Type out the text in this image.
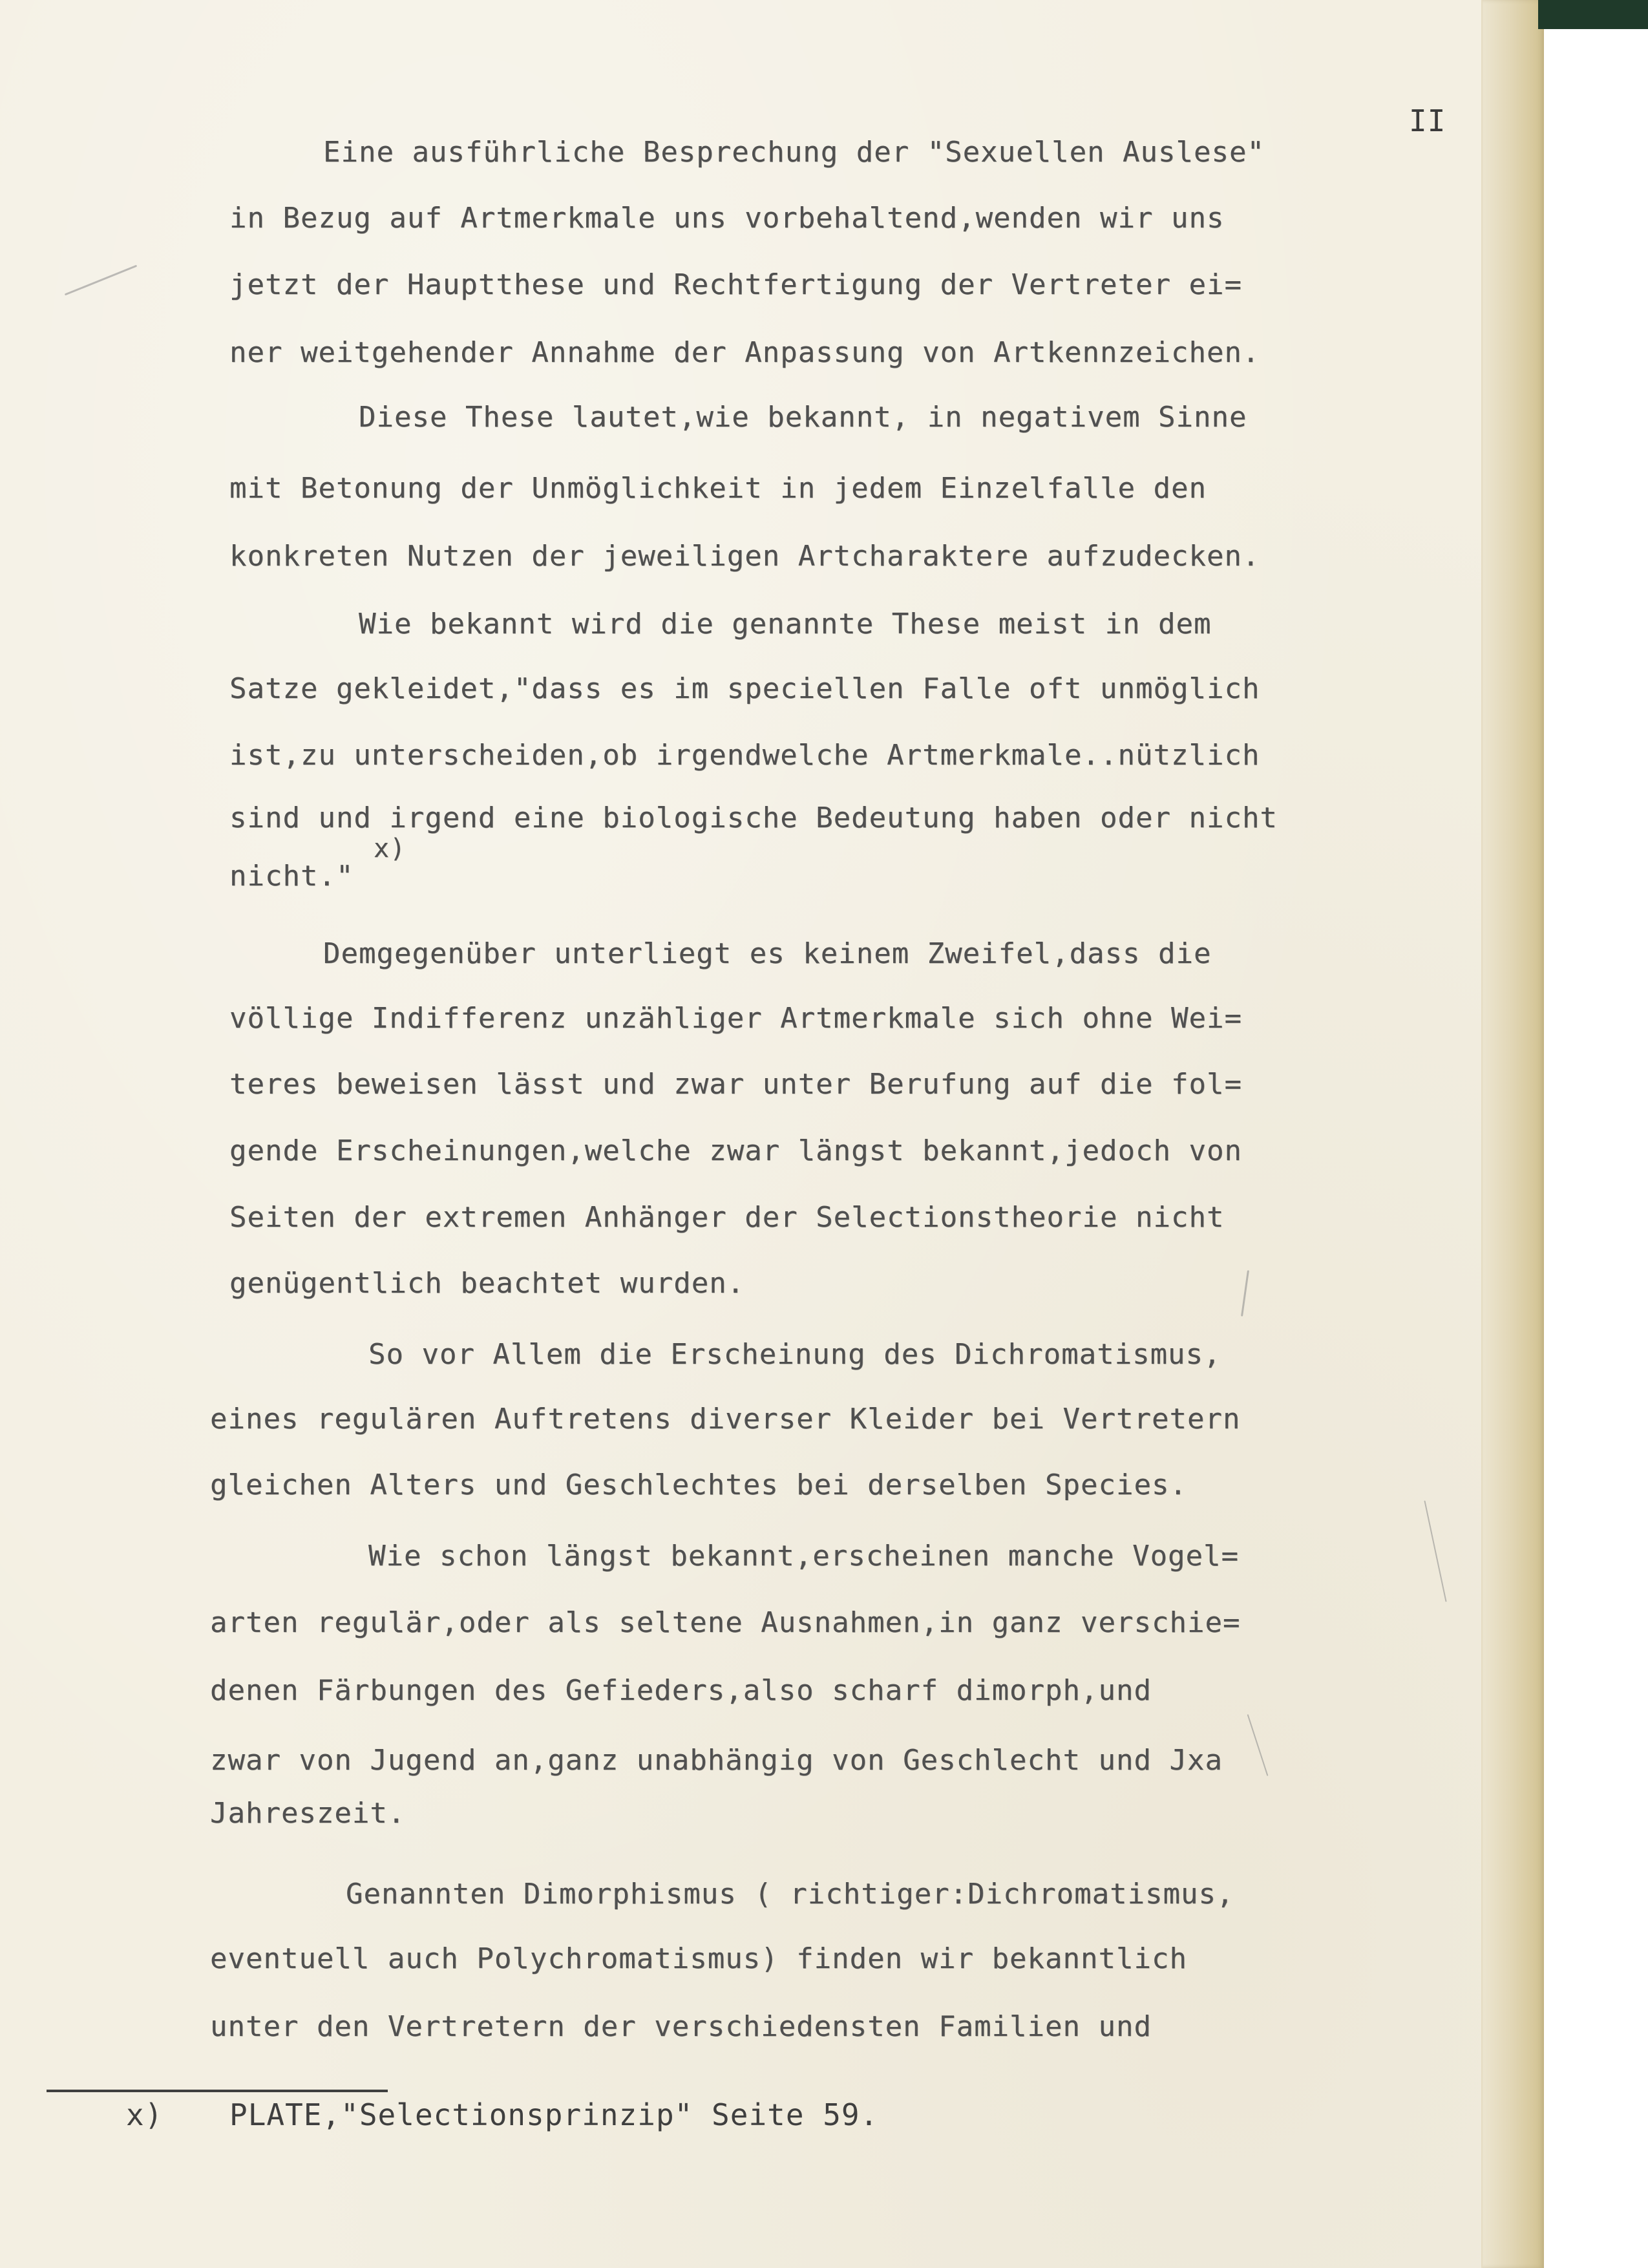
II
Eine ausführliche Besprechung der "Sexuellen Auslese"
in Bezug auf Artmerkmale uns vorbehaltend,wenden wir uns
jetzt der Hauptthese und Rechtfertigung der Vertreter ei=
ner weitgehender Annahme der Anpassung von Artkennzeichen.
Diese These lautet,wie bekannt, in negativem Sinne
mit Betonung der Unmöglichkeit in jedem Einzelfalle den
konkreten Nutzen der jeweiligen Artcharaktere aufzudecken.
Wie bekannt wird die genannte These meist in dem
Satze gekleidet,"dass es im speciellen Falle oft unmöglich
ist,zu unterscheiden,ob irgendwelche Artmerkmale..nützlich
sind und irgend eine biologische Bedeutung haben oder nicht
x)
nicht."
Demgegenüber unterliegt es keinem Zweifel,dass die
völlige Indifferenz unzähliger Artmerkmale sich ohne Wei=
teres beweisen lässt und zwar unter Berufung auf die fol=
gende Erscheinungen,welche zwar längst bekannt,jedoch von
Seiten der extremen Anhänger der Selectionstheorie nicht
genügentlich beachtet wurden.
So vor Allem die Erscheinung des Dichromatismus,
eines regulären Auftretens diverser Kleider bei Vertretern
gleichen Alters und Geschlechtes bei derselben Species.
Wie schon längst bekannt,erscheinen manche Vogel=
arten regulär,oder als seltene Ausnahmen,in ganz verschie=
denen Färbungen des Gefieders,also scharf dimorph,und
zwar von Jugend an,ganz unabhängig von Geschlecht und Jxa
Jahreszeit.
Genannten Dimorphismus ( richtiger:Dichromatismus,
eventuell auch Polychromatismus) finden wir bekanntlich
unter den Vertretern der verschiedensten Familien und
x) PLATE,"Selectionsprinzip" Seite 59.
